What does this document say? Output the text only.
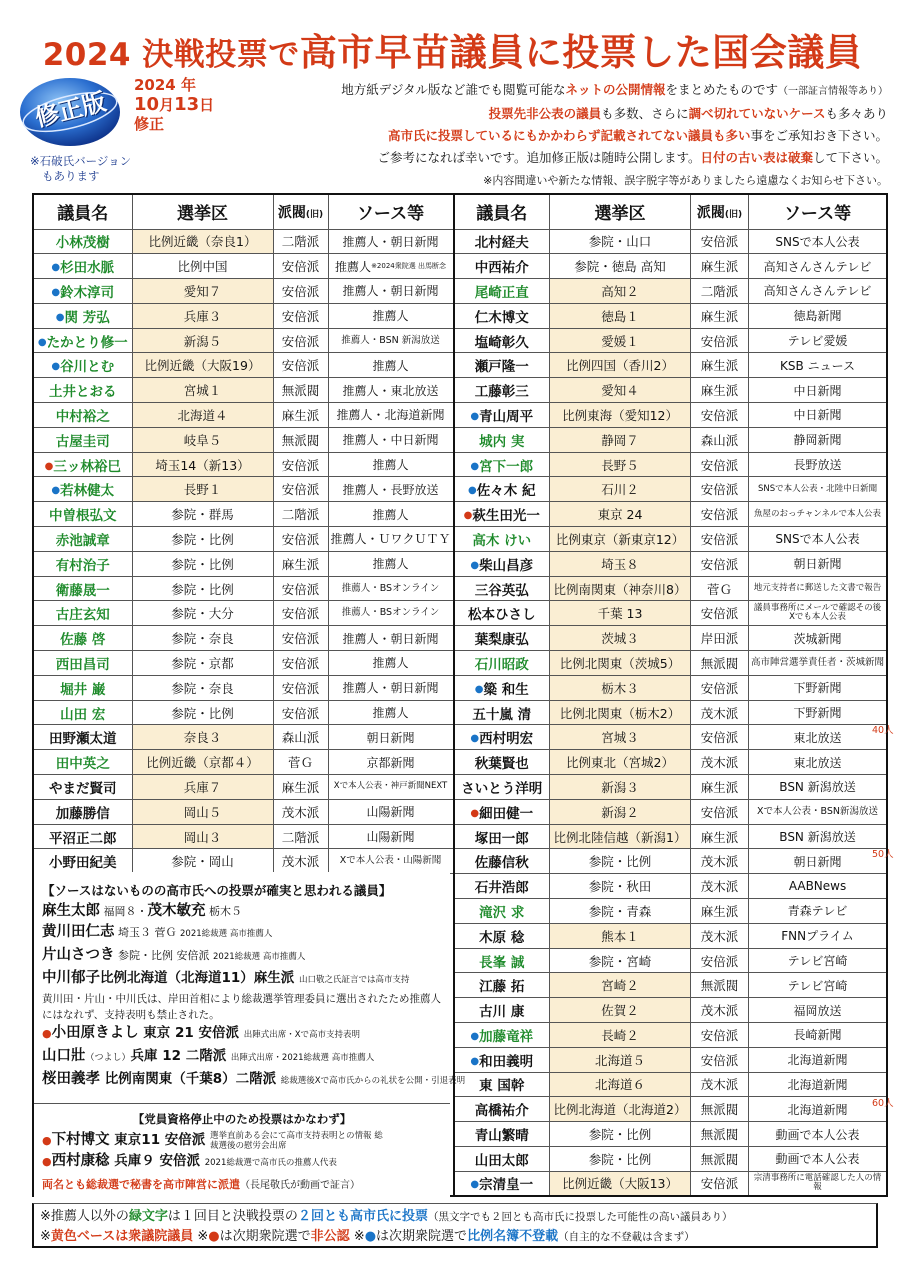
2024 決戦投票で高市早苗議員に投票した国会議員
修正版
2024 年
10月13日
修正
※石破氏バージョン
もあります
地方紙デジタル版など誰でも閲覧可能なネットの公開情報をまとめたものです（一部証言情報等あり）
投票先非公表の議員も多数、さらに調べ切れていないケースも多々あり
高市氏に投票しているにもかかわらず記載されてない議員も多い事をご承知おき下さい。
ご参考になれば幸いです。追加修正版は随時公開します。日付の古い表は破棄して下さい。
※内容間違いや新たな情報、誤字脱字等がありましたら遠慮なくお知らせ下さい。
議員名	選挙区	派閥(旧)	ソース等	議員名	選挙区	派閥(旧)	ソース等
小林茂樹	比例近畿（奈良1）	二階派	推薦人・朝日新聞	北村経夫	参院・山口	安倍派	SNSで本人公表
●杉田水脈	比例中国	安倍派	推薦人$^{※2024衆院選 出馬断念}$	中西祐介	参院・徳島 高知	麻生派	高知さんさんテレビ
●鈴木淳司	愛知７	安倍派	推薦人・朝日新聞	尾崎正直	高知２	二階派	高知さんさんテレビ
●関 芳弘	兵庫３	安倍派	推薦人	仁木博文	徳島１	麻生派	徳島新聞
●たかとり修一	新潟５	安倍派	推薦人・BSN 新潟放送	塩崎彰久	愛媛１	安倍派	テレビ愛媛
●谷川とむ	比例近畿（大阪19）	安倍派	推薦人	瀬戸隆一	比例四国（香川2）	麻生派	KSB ニュース
土井とおる	宮城１	無派閥	推薦人・東北放送	工藤彰三	愛知４	麻生派	中日新聞
中村裕之	北海道４	麻生派	推薦人・北海道新聞	●青山周平	比例東海（愛知12）	安倍派	中日新聞
古屋圭司	岐阜５	無派閥	推薦人・中日新聞	城内 実	静岡７	森山派	静岡新聞
●三ッ林裕巳	埼玉14（新13）	安倍派	推薦人	●宮下一郎	長野５	安倍派	長野放送
●若林健太	長野１	安倍派	推薦人・長野放送	●佐々木 紀	石川２	安倍派	SNSで本人公表・北陸中日新聞
中曽根弘文	参院・群馬	二階派	推薦人	●萩生田光一	東京 24	安倍派	魚屋のおっチャンネルで本人公表
赤池誠章	参院・比例	安倍派	推薦人・ＵワクＵＴＹ	高木 けい	比例東京（新東京12）	安倍派	SNSで本人公表
有村治子	参院・比例	麻生派	推薦人	●柴山昌彦	埼玉８	安倍派	朝日新聞
衛藤晟一	参院・比例	安倍派	推薦人・BSオンライン	三谷英弘	比例南関東（神奈川8）	菅Ｇ	地元支持者に郵送した文書で報告
古庄玄知	参院・大分	安倍派	推薦人・BSオンライン	松本ひさし	千葉 13	安倍派	議員事務所にメールで確認その後Xでも本人公表
佐藤 啓	参院・奈良	安倍派	推薦人・朝日新聞	葉梨康弘	茨城３	岸田派	茨城新聞
西田昌司	参院・京都	安倍派	推薦人	石川昭政	比例北関東（茨城5）	無派閥	高市陣営選挙責任者・茨城新聞
堀井 巌	参院・奈良	安倍派	推薦人・朝日新聞	●簗 和生	栃木３	安倍派	下野新聞
山田 宏	参院・比例	安倍派	推薦人	五十嵐 清	比例北関東（栃木2）	茂木派	下野新聞
田野瀬太道	奈良３	森山派	朝日新聞	●西村明宏	宮城３	安倍派	東北放送
田中英之	比例近畿（京都４）	菅Ｇ	京都新聞	秋葉賢也	比例東北（宮城2）	茂木派	東北放送
やまだ賢司	兵庫７	麻生派	Xで本人公表・神戸新聞NEXT	さいとう洋明	新潟３	麻生派	BSN 新潟放送
加藤勝信	岡山５	茂木派	山陽新聞	●細田健一	新潟２	安倍派	Xで本人公表・BSN新潟放送
平沼正二郎	岡山３	二階派	山陽新聞	塚田一郎	比例北陸信越（新潟1）	麻生派	BSN 新潟放送
小野田紀美	参院・岡山	茂木派	Xで本人公表・山陽新聞	佐藤信秋	参院・比例	茂木派	朝日新聞
				石井浩郎	参院・秋田	茂木派	AABNews
				滝沢 求	参院・青森	麻生派	青森テレビ
				木原 稔	熊本１	茂木派	FNNプライム
				長峯 誠	参院・宮崎	安倍派	テレビ宮崎
				江藤 拓	宮崎２	無派閥	テレビ宮崎
				古川 康	佐賀２	茂木派	福岡放送
				●加藤竜祥	長崎２	安倍派	長崎新聞
				●和田義明	北海道５	安倍派	北海道新聞
				東 国幹	北海道６	茂木派	北海道新聞
				高橋祐介	比例北海道（北海道2）	無派閥	北海道新聞
				青山繁晴	参院・比例	無派閥	動画で本人公表
				山田太郎	参院・比例	無派閥	動画で本人公表
				●宗清皇一	比例近畿（大阪13）	安倍派	宗清事務所に電話確認した人の情報
【ソースはないものの高市氏への投票が確実と思われる議員】
麻生太郎 福岡８・茂木敏充 栃木５
黄川田仁志 埼玉３ 菅Ｇ 2021総裁選 高市推薦人
片山さつき 参院・比例 安倍派 2021総裁選 高市推薦人
中川郁子比例北海道（北海道11）麻生派 山口敬之氏証言では高市支持
黄川田・片山・中川氏は、岸田首相により総裁選挙管理委員に選出されたため推薦人にはなれず、支持表明も禁止された。
●小田原きよし 東京 21 安倍派 出陣式出席・Xで高市支持表明
山口壯（つよし）兵庫 12 二階派 出陣式出席・2021総裁選 高市推薦人
桜田義孝 比例南関東（千葉8）二階派 総裁選後Xで高市氏からの礼状を公開・引退表明
【党員資格停止中のため投票はかなわず】
●下村博文 東京11 安倍派 選挙直前ある会にて高市支持表明との情報 総裁選後の慰労会出席
●西村康稔 兵庫９ 安倍派 2021総裁選で高市氏の推薦人代表
両名とも総裁選で秘書を高市陣営に派遣（長尾敬氏が動画で証言）
※推薦人以外の緑文字は１回目と決戦投票の２回とも高市氏に投票（黒文字でも２回とも高市氏に投票した可能性の高い議員あり）
※黄色ベースは衆議院議員 ※●は次期衆院選で非公認 ※●は次期衆院選で比例名簿不登載（自主的な不登載は含まず）
40人
50人
60人
